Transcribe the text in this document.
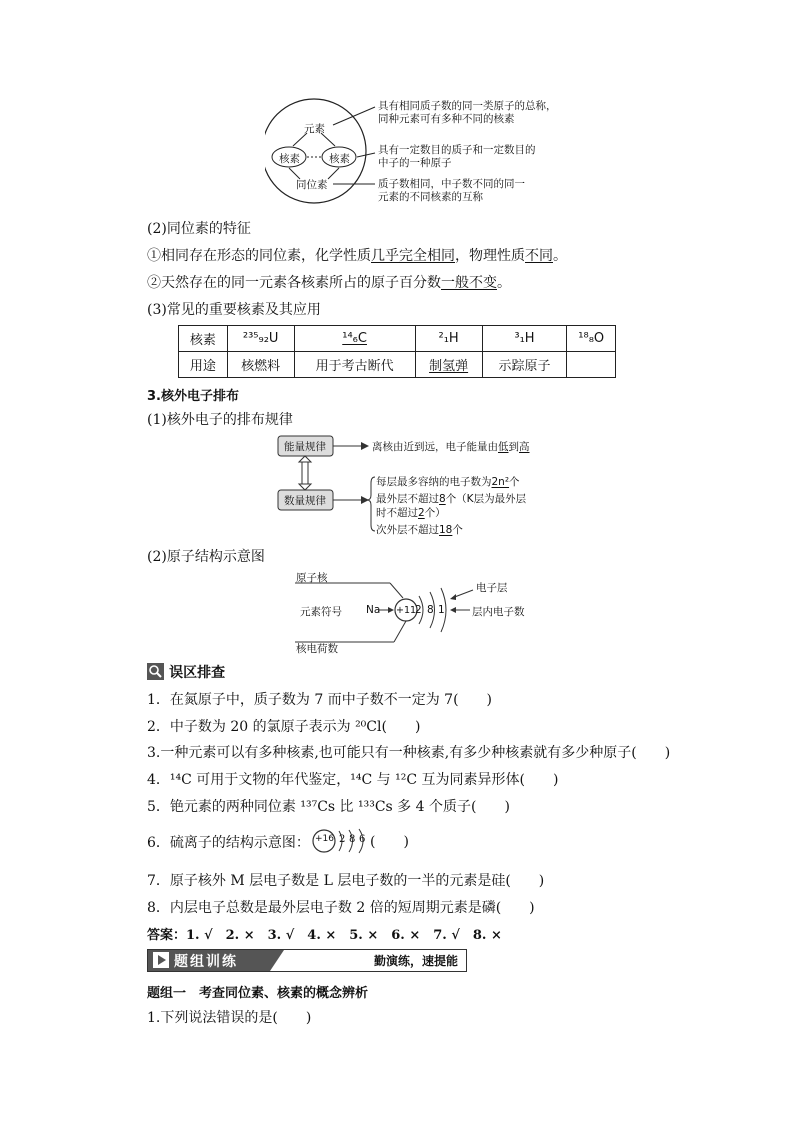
元素
核素	核素
同位素
具有相同质子数的同一类原子的总称，
同种元素可有多种不同的核素
具有一定数目的质子和一定数目的
中子的一种原子
质子数相同，中子数不同的同一
元素的不同核素的互称
(2)同位素的特征
①相同存在形态的同位素，化学性质几乎完全相同，物理性质不同。
②天然存在的同一元素各核素所占的原子百分数一般不变。
(3)常见的重要核素及其应用
核素	²³⁵₉₂U	¹⁴₆C	²₁H	³₁H	¹⁸₈O
用途	核燃料	用于考古断代	制氢弹	示踪原子	
3.核外电子排布
(1)核外电子的排布规律
能量规律
数量规律
离核由近到远，电子能量由低到高
每层最多容纳的电子数为2n²个
最外层不超过8个（K层为最外层
时不超过2个）
次外层不超过18个
(2)原子结构示意图
原子核
元素符号 Na +11
2 8 1
电子层
层内电子数
核电荷数
误区排查
1．在氮原子中，质子数为 7 而中子数不一定为 7(　　)
2．中子数为 20 的氯原子表示为 ²⁰Cl(　　)
3.一种元素可以有多种核素,也可能只有一种核素,有多少种核素就有多少种原子(　　)
4．¹⁴C 可用于文物的年代鉴定，¹⁴C 与 ¹²C 互为同素异形体(　　)
5．铯元素的两种同位素 ¹³⁷Cs 比 ¹³³Cs 多 4 个质子(　　)
6．硫离子的结构示意图： +16 2 8 6 (　　)
7．原子核外 M 层电子数是 L 层电子数的一半的元素是硅(　　)
8．内层电子总数是最外层电子数 2 倍的短周期元素是磷(　　)
答案：1. √　2. ×　3. √　4. ×　5. ×　6. ×　7. √　8. ×
题组训练	勤演练，速提能
题组一　考查同位素、核素的概念辨析
1.下列说法错误的是(　　)
